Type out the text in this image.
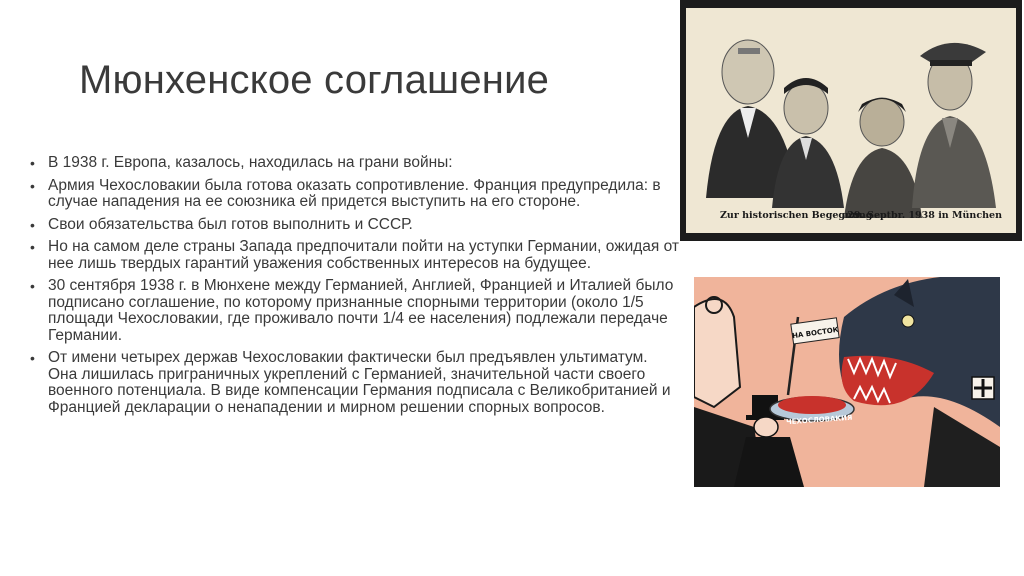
Мюнхенское соглашение
• В 1938 г. Европа, казалось, находилась на грани войны:
• Армия Чехословакии была готова оказать сопротивление. Франция предупредила: в случае нападения на ее союзника ей придется выступить на его стороне.
• Свои обязательства был готов выполнить и СССР.
• Но на самом деле страны Запада предпочитали пойти на уступки Германии, ожидая от нее лишь твердых гарантий уважения собственных интересов на будущее.
• 30 сентября 1938 г. в Мюнхене между Германией, Англией, Францией и Италией было подписано соглашение, по которому признанные спорными территории (около 1/5 площади Чехословакии, где проживало почти 1/4 ее населения) подлежали передаче Германии.
• От имени четырех держав Чехословакии фактически был предъявлен ультиматум. Она лишилась приграничных укреплений с Германией, значительной части своего военного потенциала. В виде компенсации Германия подписала с Великобританией и Францией декларации о ненападении и мирном решении спорных вопросов.
Zur historischen Begegnung
29. Septbr. 1938 in München
НА ВОСТОК
ЧЕХОСЛОВАКИЯ
